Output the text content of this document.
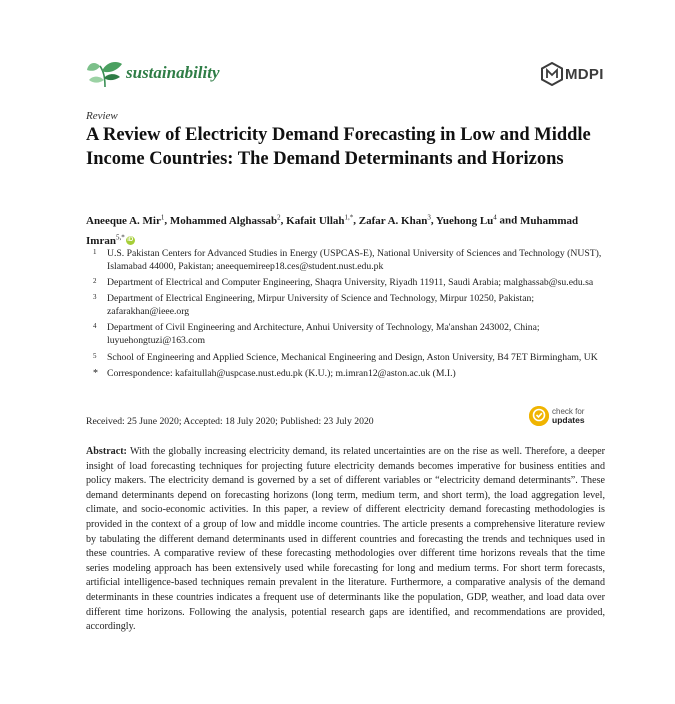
sustainability	MDPI
Review
A Review of Electricity Demand Forecasting in Low and Middle Income Countries: The Demand Determinants and Horizons
Aneeque A. Mir$^1$, Mohammed Alghassab$^2$, Kafait Ullah$^{1,*}$, Zafar A. Khan$^3$, Yuehong Lu$^4$ and Muhammad Imran$^{5,*}$ iD
1 U.S. Pakistan Centers for Advanced Studies in Energy (USPCAS-E), National University of Sciences and Technology (NUST), Islamabad 44000, Pakistan; aneequemireep18.ces@student.nust.edu.pk
2 Department of Electrical and Computer Engineering, Shaqra University, Riyadh 11911, Saudi Arabia; malghassab@su.edu.sa
3 Department of Electrical Engineering, Mirpur University of Science and Technology, Mirpur 10250, Pakistan; zafarakhan@ieee.org
4 Department of Civil Engineering and Architecture, Anhui University of Technology, Ma'anshan 243002, China; luyuehongtuzi@163.com
5 School of Engineering and Applied Science, Mechanical Engineering and Design, Aston University, B4 7ET Birmingham, UK
* Correspondence: kafaitullah@uspcase.nust.edu.pk (K.U.); m.imran12@aston.ac.uk (M.I.)
Received: 25 June 2020; Accepted: 18 July 2020; Published: 23 July 2020
check for
updates
Abstract: With the globally increasing electricity demand, its related uncertainties are on the rise as well. Therefore, a deeper insight of load forecasting techniques for projecting future electricity demands becomes imperative for business entities and policy makers. The electricity demand is governed by a set of different variables or “electricity demand determinants”. These demand determinants depend on forecasting horizons (long term, medium term, and short term), the load aggregation level, climate, and socio-economic activities. In this paper, a review of different electricity demand forecasting methodologies is provided in the context of a group of low and middle income countries. The article presents a comprehensive literature review by tabulating the different demand determinants used in different countries and forecasting the trends and techniques used in these countries. A comparative review of these forecasting methodologies over different time horizons reveals that the time series modeling approach has been extensively used while forecasting for long and medium terms. For short term forecasts, artificial intelligence-based techniques remain prevalent in the literature. Furthermore, a comparative analysis of the demand determinants in these countries indicates a frequent use of determinants like the population, GDP, weather, and load data over different time horizons. Following the analysis, potential research gaps are identified, and recommendations are provided, accordingly.
